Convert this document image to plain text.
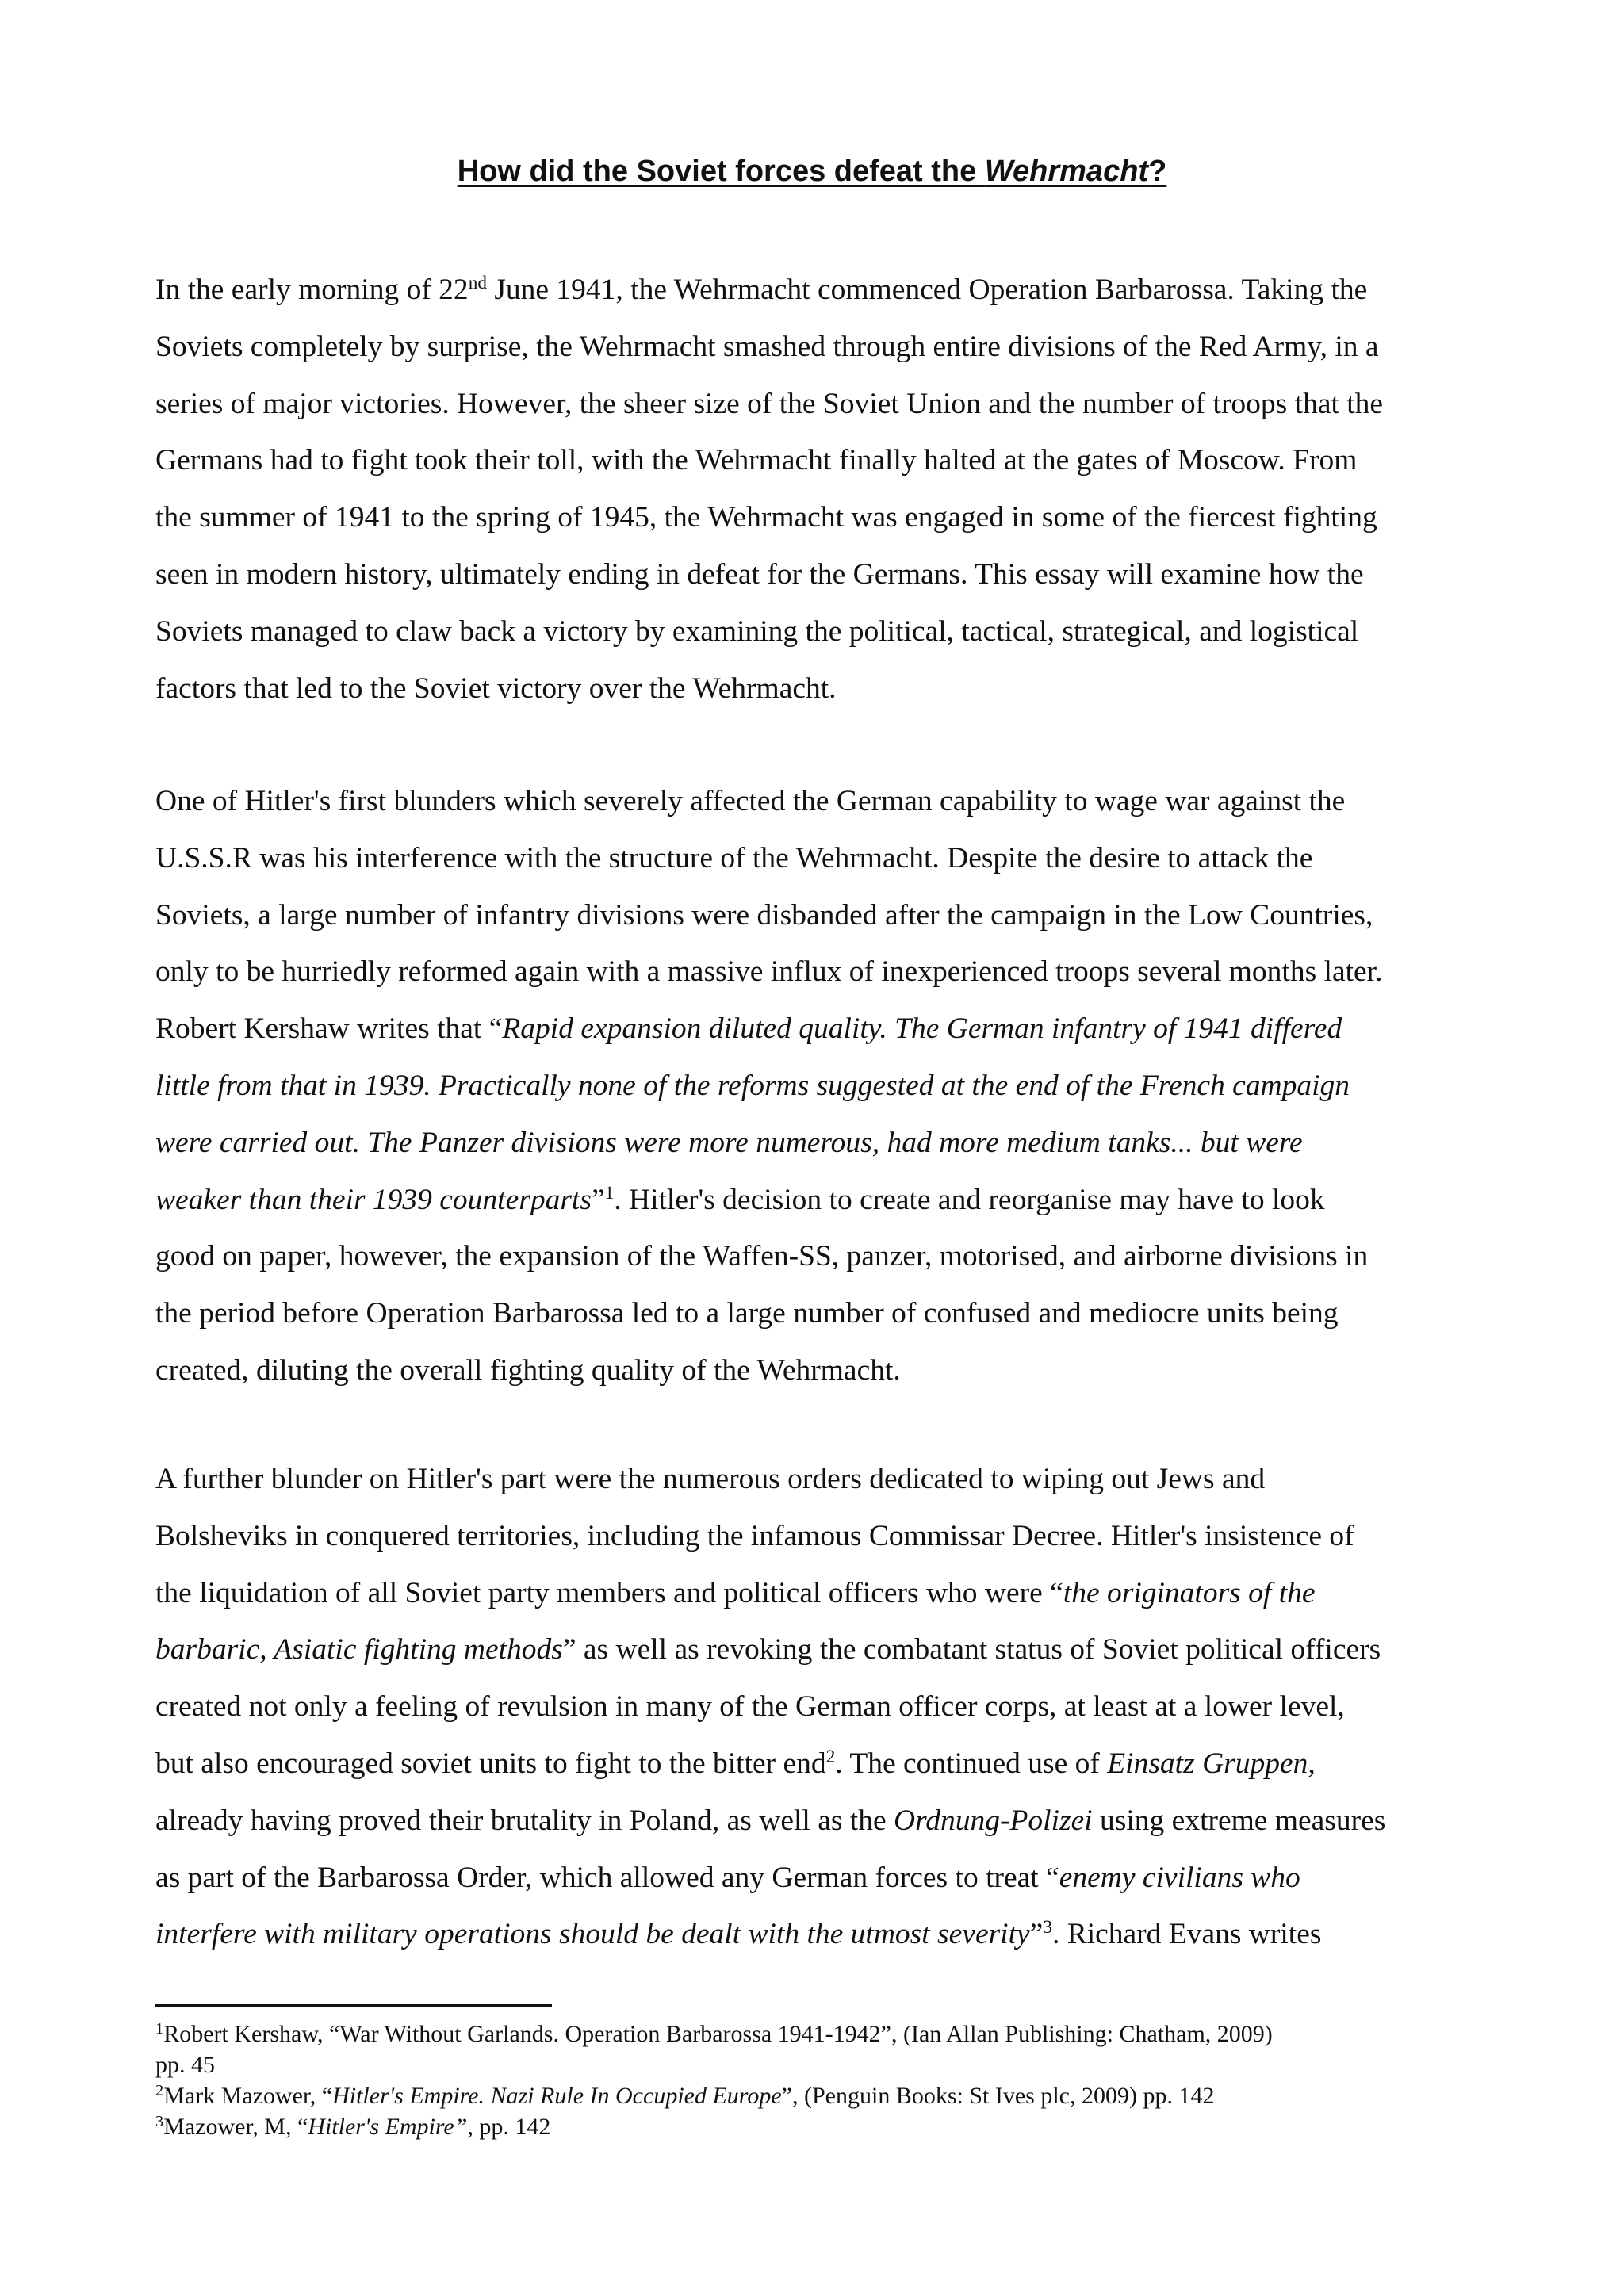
How did the Soviet forces defeat the Wehrmacht?
In the early morning of 22nd June 1941, the Wehrmacht commenced Operation Barbarossa. Taking the
Soviets completely by surprise, the Wehrmacht smashed through entire divisions of the Red Army, in a
series of major victories. However, the sheer size of the Soviet Union and the number of troops that the
Germans had to fight took their toll, with the Wehrmacht finally halted at the gates of Moscow. From
the summer of 1941 to the spring of 1945, the Wehrmacht was engaged in some of the fiercest fighting
seen in modern history, ultimately ending in defeat for the Germans. This essay will examine how the
Soviets managed to claw back a victory by examining the political, tactical, strategical, and logistical
factors that led to the Soviet victory over the Wehrmacht.
One of Hitler's first blunders which severely affected the German capability to wage war against the
U.S.S.R was his interference with the structure of the Wehrmacht. Despite the desire to attack the
Soviets, a large number of infantry divisions were disbanded after the campaign in the Low Countries,
only to be hurriedly reformed again with a massive influx of inexperienced troops several months later.
Robert Kershaw writes that “Rapid expansion diluted quality. The German infantry of 1941 differed
little from that in 1939. Practically none of the reforms suggested at the end of the French campaign
were carried out. The Panzer divisions were more numerous, had more medium tanks... but were
weaker than their 1939 counterparts”$^1$. Hitler's decision to create and reorganise may have to look
good on paper, however, the expansion of the Waffen-SS, panzer, motorised, and airborne divisions in
the period before Operation Barbarossa led to a large number of confused and mediocre units being
created, diluting the overall fighting quality of the Wehrmacht.
A further blunder on Hitler's part were the numerous orders dedicated to wiping out Jews and
Bolsheviks in conquered territories, including the infamous Commissar Decree. Hitler's insistence of
the liquidation of all Soviet party members and political officers who were “the originators of the
barbaric, Asiatic fighting methods” as well as revoking the combatant status of Soviet political officers
created not only a feeling of revulsion in many of the German officer corps, at least at a lower level,
but also encouraged soviet units to fight to the bitter end$^2$. The continued use of Einsatz Gruppen,
already having proved their brutality in Poland, as well as the Ordnung-Polizei using extreme measures
as part of the Barbarossa Order, which allowed any German forces to treat “enemy civilians who
interfere with military operations should be dealt with the utmost severity”$^3$. Richard Evans writes
$^1$Robert Kershaw, “War Without Garlands. Operation Barbarossa 1941-1942”, (Ian Allan Publishing: Chatham, 2009)
pp. 45
$^2$Mark Mazower, “Hitler's Empire. Nazi Rule In Occupied Europe”, (Penguin Books: St Ives plc, 2009) pp. 142
$^3$Mazower, M, “Hitler's Empire”, pp. 142
